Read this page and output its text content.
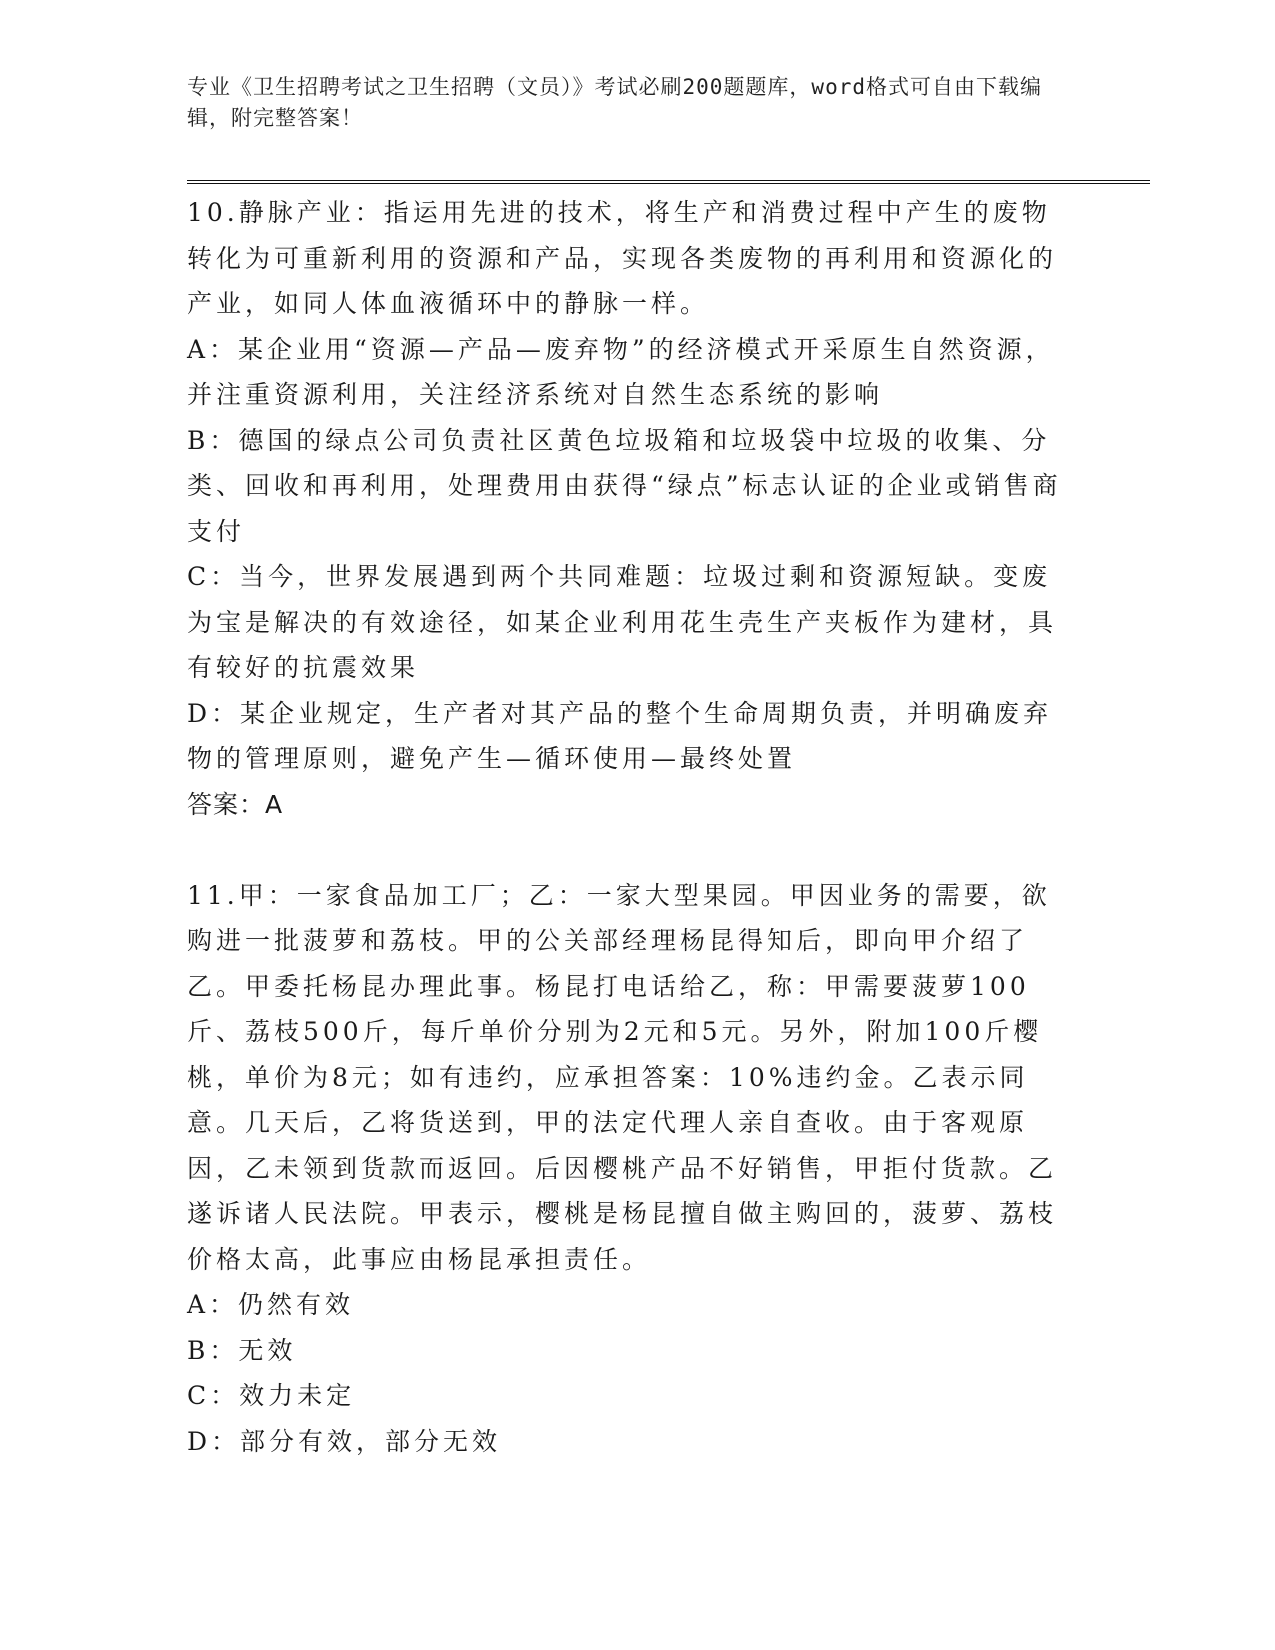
专业《卫生招聘考试之卫生招聘（文员）》考试必刷200题题库，word格式可自由下载编辑，附完整答案！

10.静脉产业：指运用先进的技术，将生产和消费过程中产生的废物转化为可重新利用的资源和产品，实现各类废物的再利用和资源化的产业，如同人体血液循环中的静脉一样。

A：某企业用“资源—产品—废弃物”的经济模式开采原生自然资源，并注重资源利用，关注经济系统对自然生态系统的影响

B：德国的绿点公司负责社区黄色垃圾箱和垃圾袋中垃圾的收集、分类、回收和再利用，处理费用由获得“绿点”标志认证的企业或销售商支付

C：当今，世界发展遇到两个共同难题：垃圾过剩和资源短缺。变废为宝是解决的有效途径，如某企业利用花生壳生产夹板作为建材，具有较好的抗震效果

D：某企业规定，生产者对其产品的整个生命周期负责，并明确废弃物的管理原则，避免产生—循环使用—最终处置

答案：A

11.甲：一家食品加工厂；乙：一家大型果园。甲因业务的需要，欲购进一批菠萝和荔枝。甲的公关部经理杨昆得知后，即向甲介绍了乙。甲委托杨昆办理此事。杨昆打电话给乙，称：甲需要菠萝100斤、荔枝500斤，每斤单价分别为2元和5元。另外，附加100斤樱桃，单价为8元；如有违约，应承担答案：10%违约金。乙表示同意。几天后，乙将货送到，甲的法定代理人亲自查收。由于客观原因，乙未领到货款而返回。后因樱桃产品不好销售，甲拒付货款。乙遂诉诸人民法院。甲表示，樱桃是杨昆擅自做主购回的，菠萝、荔枝价格太高，此事应由杨昆承担责任。

A：仍然有效

B：无效

C：效力未定

D：部分有效，部分无效
